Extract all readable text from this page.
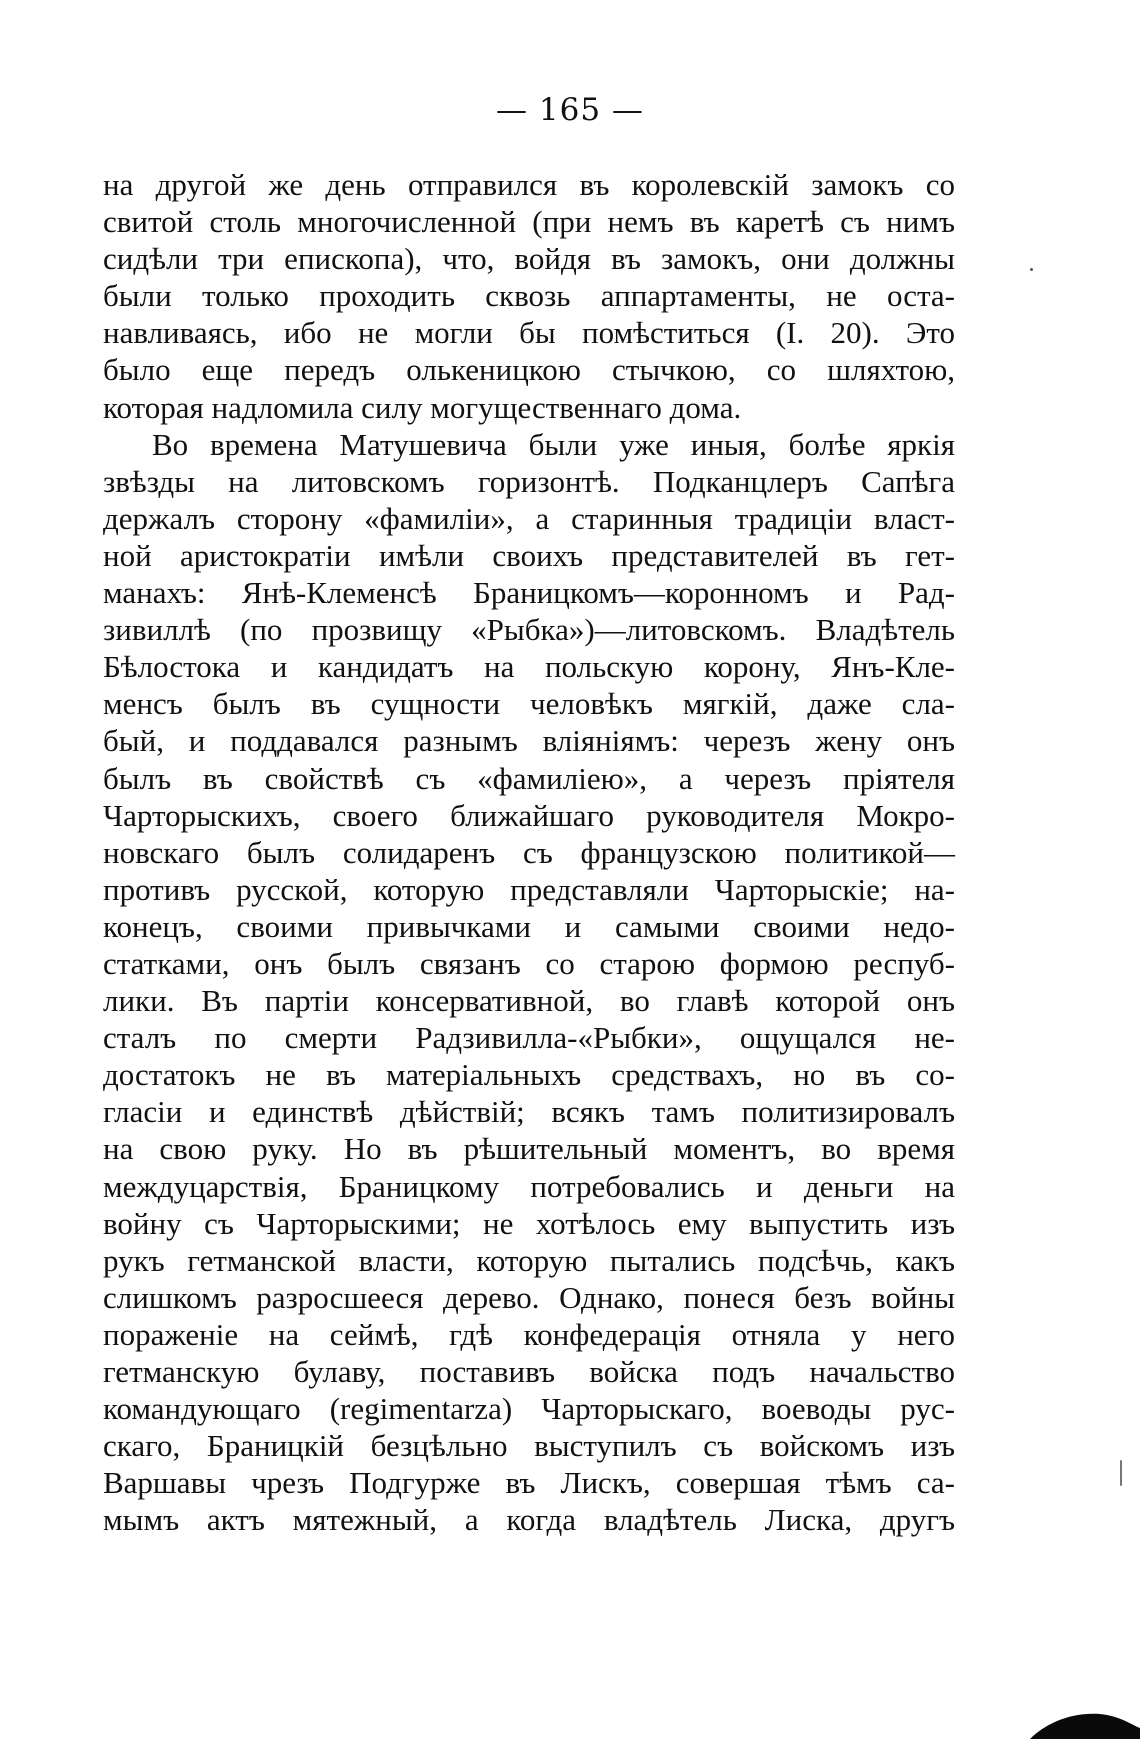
— 165 —
на другой же день отправился въ королевскій замокъ со
свитой столь многочисленной (при немъ въ каретѣ съ нимъ
сидѣли три епископа), что, войдя въ замокъ, они должны
были только проходить сквозь аппартаменты, не оста-
навливаясь, ибо не могли бы помѣститься (I. 20). Это
было еще передъ ольк​еницкою стычкою, со шляхтою,
которая надломила силу могущественнаго дома.
Во времена Матушевича были уже иныя, болѣе яркія
звѣзды на литовскомъ горизонтѣ. Подканцлеръ Сапѣга
держалъ сторону «фамиліи», а старинныя традиціи власт-
ной аристократіи имѣли своихъ представителей въ гет-
манахъ: Янѣ-Клеменсѣ Браницкомъ—коронномъ и Рад-
зивиллѣ (по прозвищу «Рыбка»)—литовскомъ. Владѣтель
Бѣлостока и кандидатъ на польскую корону, Янъ-Кле-
менсъ былъ въ сущности человѣкъ мягкій, даже сла-
бый, и поддавался разнымъ вліяніямъ: черезъ жену онъ
былъ въ свойствѣ съ «фамиліею», а черезъ пріятеля
Чарторыскихъ, своего ближайшаго руководителя Мокро-
новскаго былъ солидаренъ съ французскою политикой—
противъ русской, которую представляли Чарторыскіе; на-
конецъ, своими привычками и самыми своими недо-
статками, онъ былъ связанъ со старою формою респуб-
лики. Въ партіи консервативной, во главѣ которой онъ
сталъ по смерти Радзивилла-«Рыбки», ощущался не-
достатокъ не въ матеріальныхъ средствахъ, но въ со-
гласіи и единствѣ дѣйствій; всякъ тамъ политизировалъ
на свою руку. Но въ рѣшительный моментъ, во время
междуцарствія, Браницкому потребовались и деньги на
войну съ Чарторыскими; не хотѣлось ему выпустить изъ
рукъ гетманской власти, которую пытались подсѣчь, какъ
слишкомъ разросшееся дерево. Однако, понеся безъ войны
пораженіе на сеймѣ, гдѣ конфедерація отняла у него
гетманскую булаву, поставивъ войска подъ начальство
командующаго (regimentarza) Чарторыскаго, воеводы рус-
скаго, Браницкій безцѣльно выступилъ съ войскомъ изъ
Варшавы чрезъ Подгурже въ Лискъ, совершая тѣмъ са-
мымъ актъ мятежный, а когда владѣтель Лиска, другъ
